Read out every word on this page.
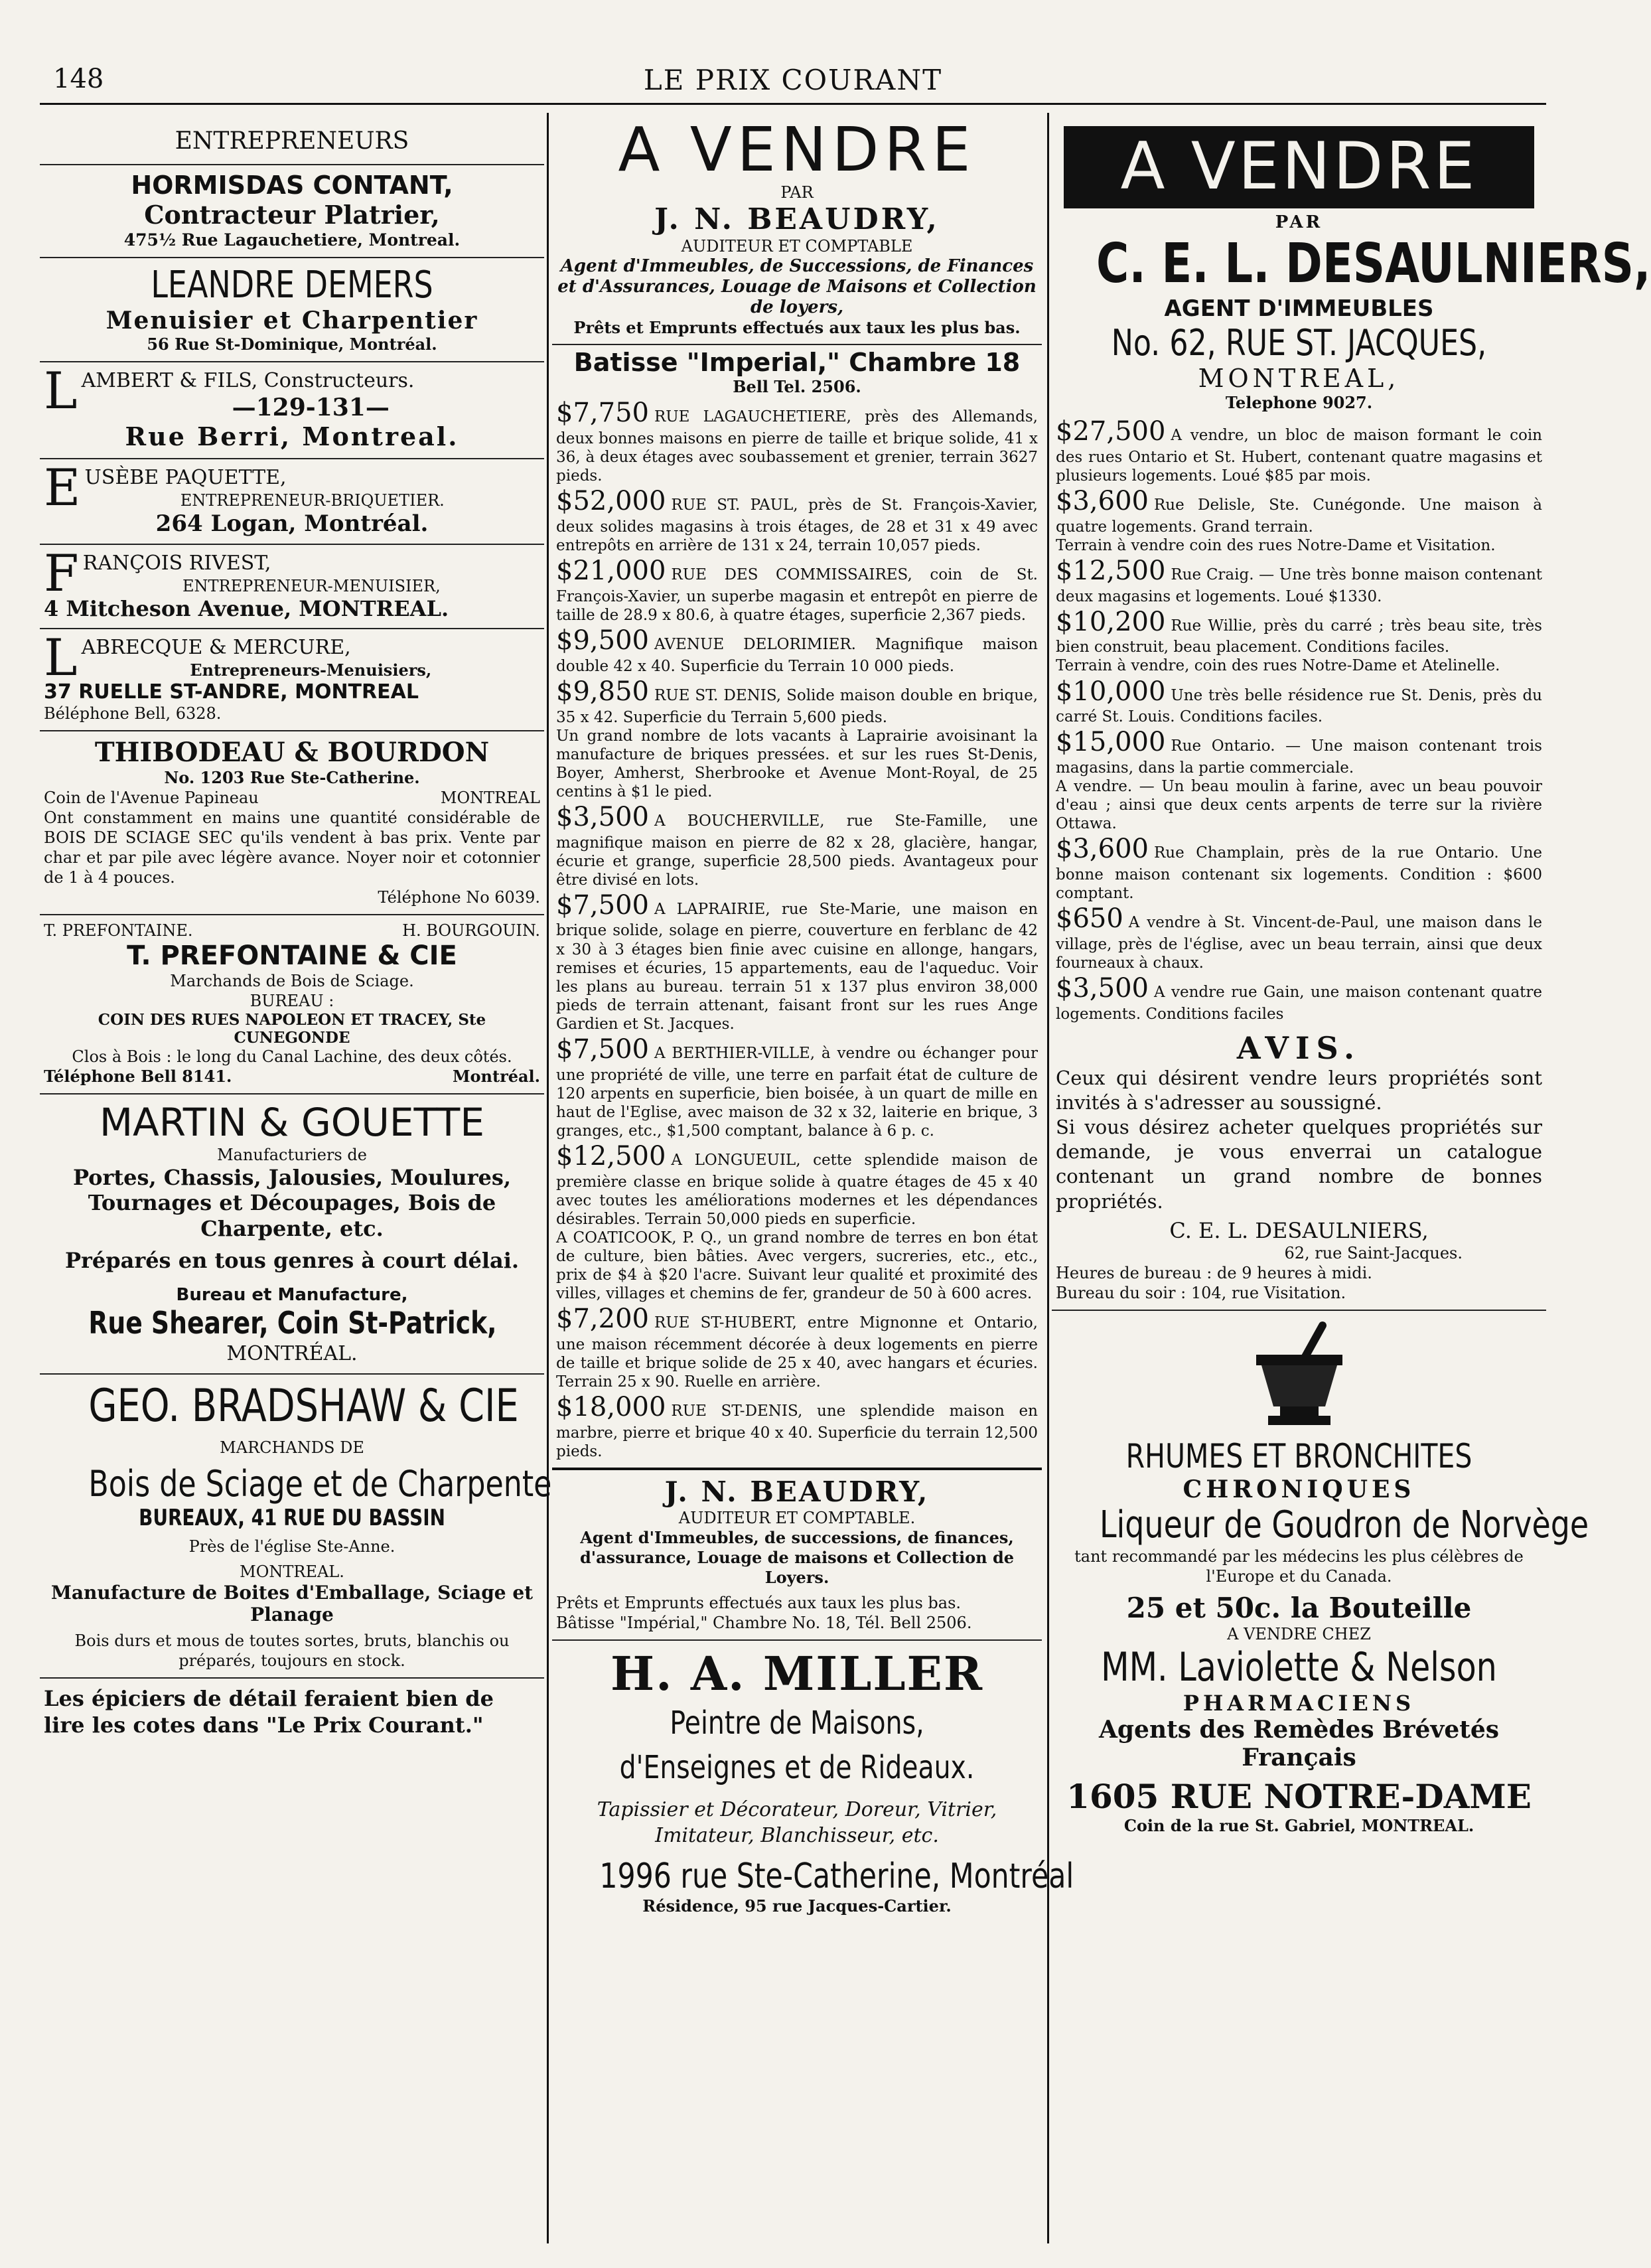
148	LE PRIX COURANT
ENTREPRENEURS

HORMISDAS CONTANT,

Contracteur Platrier,

475½ Rue Lagauchetiere, Montreal.

LEANDRE DEMERS

Menuisier et Charpentier

56 Rue St-Dominique, Montréal.

L AMBERT & FILS, Constructeurs.

—129-131—

Rue Berri, Montreal.

E USÈBE PAQUETTE,

ENTREPRENEUR-BRIQUETIER.

264 Logan, Montréal.

F RANÇOIS RIVEST,

ENTREPRENEUR-MENUISIER,

4 Mitcheson Avenue, MONTREAL.

L ABRECQUE & MERCURE,

Entrepreneurs-Menuisiers,

37 RUELLE ST-ANDRE, MONTREAL

Béléphone Bell, 6328.

THIBODEAU & BOURDON

No. 1203 Rue Ste-Catherine.

Coin de l'Avenue Papineau	MONTREAL

Ont constamment en mains une quantité considérable de BOIS DE SCIAGE SEC qu'ils vendent à bas prix. Vente par char et par pile avec légère avance. Noyer noir et cotonnier de 1 à 4 pouces.

Téléphone No 6039.

T. PREFONTAINE.	H. BOURGOUIN.

T. PREFONTAINE & CIE

Marchands de Bois de Sciage.

BUREAU :

COIN DES RUES NAPOLEON ET TRACEY, Ste CUNEGONDE

Clos à Bois : le long du Canal Lachine, des deux côtés.

Téléphone Bell 8141.	Montréal.

MARTIN & GOUETTE

Manufacturiers de

Portes, Chassis, Jalousies, Moulures, Tournages et Découpages, Bois de Charpente, etc.

Préparés en tous genres à court délai.

Bureau et Manufacture,

Rue Shearer, Coin St-Patrick,

MONTRÉAL.

GEO. BRADSHAW & CIE

MARCHANDS DE

Bois de Sciage et de Charpente

BUREAUX, 41 RUE DU BASSIN

Près de l'église Ste-Anne.

MONTREAL.

Manufacture de Boites d'Emballage, Sciage et Planage

Bois durs et mous de toutes sortes, bruts, blanchis ou préparés, toujours en stock.

Les épiciers de détail feraient bien de lire les cotes dans "Le Prix Courant."

A VENDRE

PAR

J. N. BEAUDRY,

AUDITEUR ET COMPTABLE

Agent d'Immeubles, de Successions, de Finances et d'Assurances, Louage de Maisons et Collection de loyers,

Prêts et Emprunts effectués aux taux les plus bas.

Batisse "Imperial," Chambre 18

Bell Tel. 2506.

$7,750 RUE LAGAUCHETIERE, près des Allemands, deux bonnes maisons en pierre de taille et brique solide, 41 x 36, à deux étages avec soubassement et grenier, terrain 3627 pieds.

$52,000 RUE ST. PAUL, près de St. François-Xavier, deux solides magasins à trois étages, de 28 et 31 x 49 avec entrepôts en arrière de 131 x 24, terrain 10,057 pieds.

$21,000 RUE DES COMMISSAIRES, coin de St. François-Xavier, un superbe magasin et entrepôt en pierre de taille de 28.9 x 80.6, à quatre étages, superficie 2,367 pieds.

$9,500 AVENUE DELORIMIER. Magnifique maison double 42 x 40. Superficie du Terrain 10 000 pieds.

$9,850 RUE ST. DENIS, Solide maison double en brique, 35 x 42. Superficie du Terrain 5,600 pieds.

Un grand nombre de lots vacants à Laprairie avoisinant la manufacture de briques pressées. et sur les rues St-Denis, Boyer, Amherst, Sherbrooke et Avenue Mont-Royal, de 25 centins à $1 le pied.

$3,500 A BOUCHERVILLE, rue Ste-Famille, une magnifique maison en pierre de 82 x 28, glacière, hangar, écurie et grange, superficie 28,500 pieds. Avantageux pour être divisé en lots.

$7,500 A LAPRAIRIE, rue Ste-Marie, une maison en brique solide, solage en pierre, couverture en ferblanc de 42 x 30 à 3 étages bien finie avec cuisine en allonge, hangars, remises et écuries, 15 appartements, eau de l'aqueduc. Voir les plans au bureau. terrain 51 x 137 plus environ 38,000 pieds de terrain attenant, faisant front sur les rues Ange Gardien et St. Jacques.

$7,500 A BERTHIER-VILLE, à vendre ou échanger pour une propriété de ville, une terre en parfait état de culture de 120 arpents en superficie, bien boisée, à un quart de mille en haut de l'Eglise, avec maison de 32 x 32, laiterie en brique, 3 granges, etc., $1,500 comptant, balance à 6 p. c.

$12,500 A LONGUEUIL, cette splendide maison de première classe en brique solide à quatre étages de 45 x 40 avec toutes les améliorations modernes et les dépendances désirables. Terrain 50,000 pieds en superficie.

A COATICOOK, P. Q., un grand nombre de terres en bon état de culture, bien bâties. Avec vergers, sucreries, etc., etc., prix de $4 à $20 l'acre. Suivant leur qualité et proximité des villes, villages et chemins de fer, grandeur de 50 à 600 acres.

$7,200 RUE ST-HUBERT, entre Mignonne et Ontario, une maison récemment décorée à deux logements en pierre de taille et brique solide de 25 x 40, avec hangars et écuries. Terrain 25 x 90. Ruelle en arrière.

$18,000 RUE ST-DENIS, une splendide maison en marbre, pierre et brique 40 x 40. Superficie du terrain 12,500 pieds.

J. N. BEAUDRY,

AUDITEUR ET COMPTABLE.

Agent d'Immeubles, de successions, de finances, d'assurance, Louage de maisons et Collection de Loyers.

Prêts et Emprunts effectués aux taux les plus bas.

Bâtisse "Impérial," Chambre No. 18, Tél. Bell 2506.

H. A. MILLER

Peintre de Maisons, d'Enseignes et de Rideaux.

Tapissier et Décorateur, Doreur, Vitrier, Imitateur, Blanchisseur, etc.

1996 rue Ste-Catherine, Montréal

Résidence, 95 rue Jacques-Cartier.

A VENDRE

PAR

C. E. L. DESAULNIERS,

AGENT D'IMMEUBLES

No. 62, RUE ST. JACQUES,

MONTREAL,

Telephone 9027.

$27,500 A vendre, un bloc de maison formant le coin des rues Ontario et St. Hubert, contenant quatre magasins et plusieurs logements. Loué $85 par mois.

$3,600 Rue Delisle, Ste. Cunégonde. Une maison à quatre logements. Grand terrain.

Terrain à vendre coin des rues Notre-Dame et Visitation.

$12,500 Rue Craig. — Une très bonne maison contenant deux magasins et logements. Loué $1330.

$10,200 Rue Willie, près du carré ; très beau site, très bien construit, beau placement. Conditions faciles.

Terrain à vendre, coin des rues Notre-Dame et Atelinelle.

$10,000 Une très belle résidence rue St. Denis, près du carré St. Louis. Conditions faciles.

$15,000 Rue Ontario. — Une maison contenant trois magasins, dans la partie commerciale.

A vendre. — Un beau moulin à farine, avec un beau pouvoir d'eau ; ainsi que deux cents arpents de terre sur la rivière Ottawa.

$3,600 Rue Champlain, près de la rue Ontario. Une bonne maison contenant six logements. Condition : $600 comptant.

$650 A vendre à St. Vincent-de-Paul, une maison dans le village, près de l'église, avec un beau terrain, ainsi que deux fourneaux à chaux.

$3,500 A vendre rue Gain, une maison contenant quatre logements. Conditions faciles

AVIS.

Ceux qui désirent vendre leurs propriétés sont invités à s'adresser au soussigné.

Si vous désirez acheter quelques propriétés sur demande, je vous enverrai un catalogue contenant un grand nombre de bonnes propriétés.

C. E. L. DESAULNIERS,

62, rue Saint-Jacques.

Heures de bureau : de 9 heures à midi.

Bureau du soir : 104, rue Visitation.

RHUMES ET BRONCHITES

CHRONIQUES

Liqueur de Goudron de Norvège

tant recommandé par les médecins les plus célèbres de l'Europe et du Canada.

25 et 50c. la Bouteille

A VENDRE CHEZ

MM. Laviolette & Nelson

PHARMACIENS

Agents des Remèdes Brévetés Français

1605 RUE NOTRE-DAME

Coin de la rue St. Gabriel, MONTREAL.
